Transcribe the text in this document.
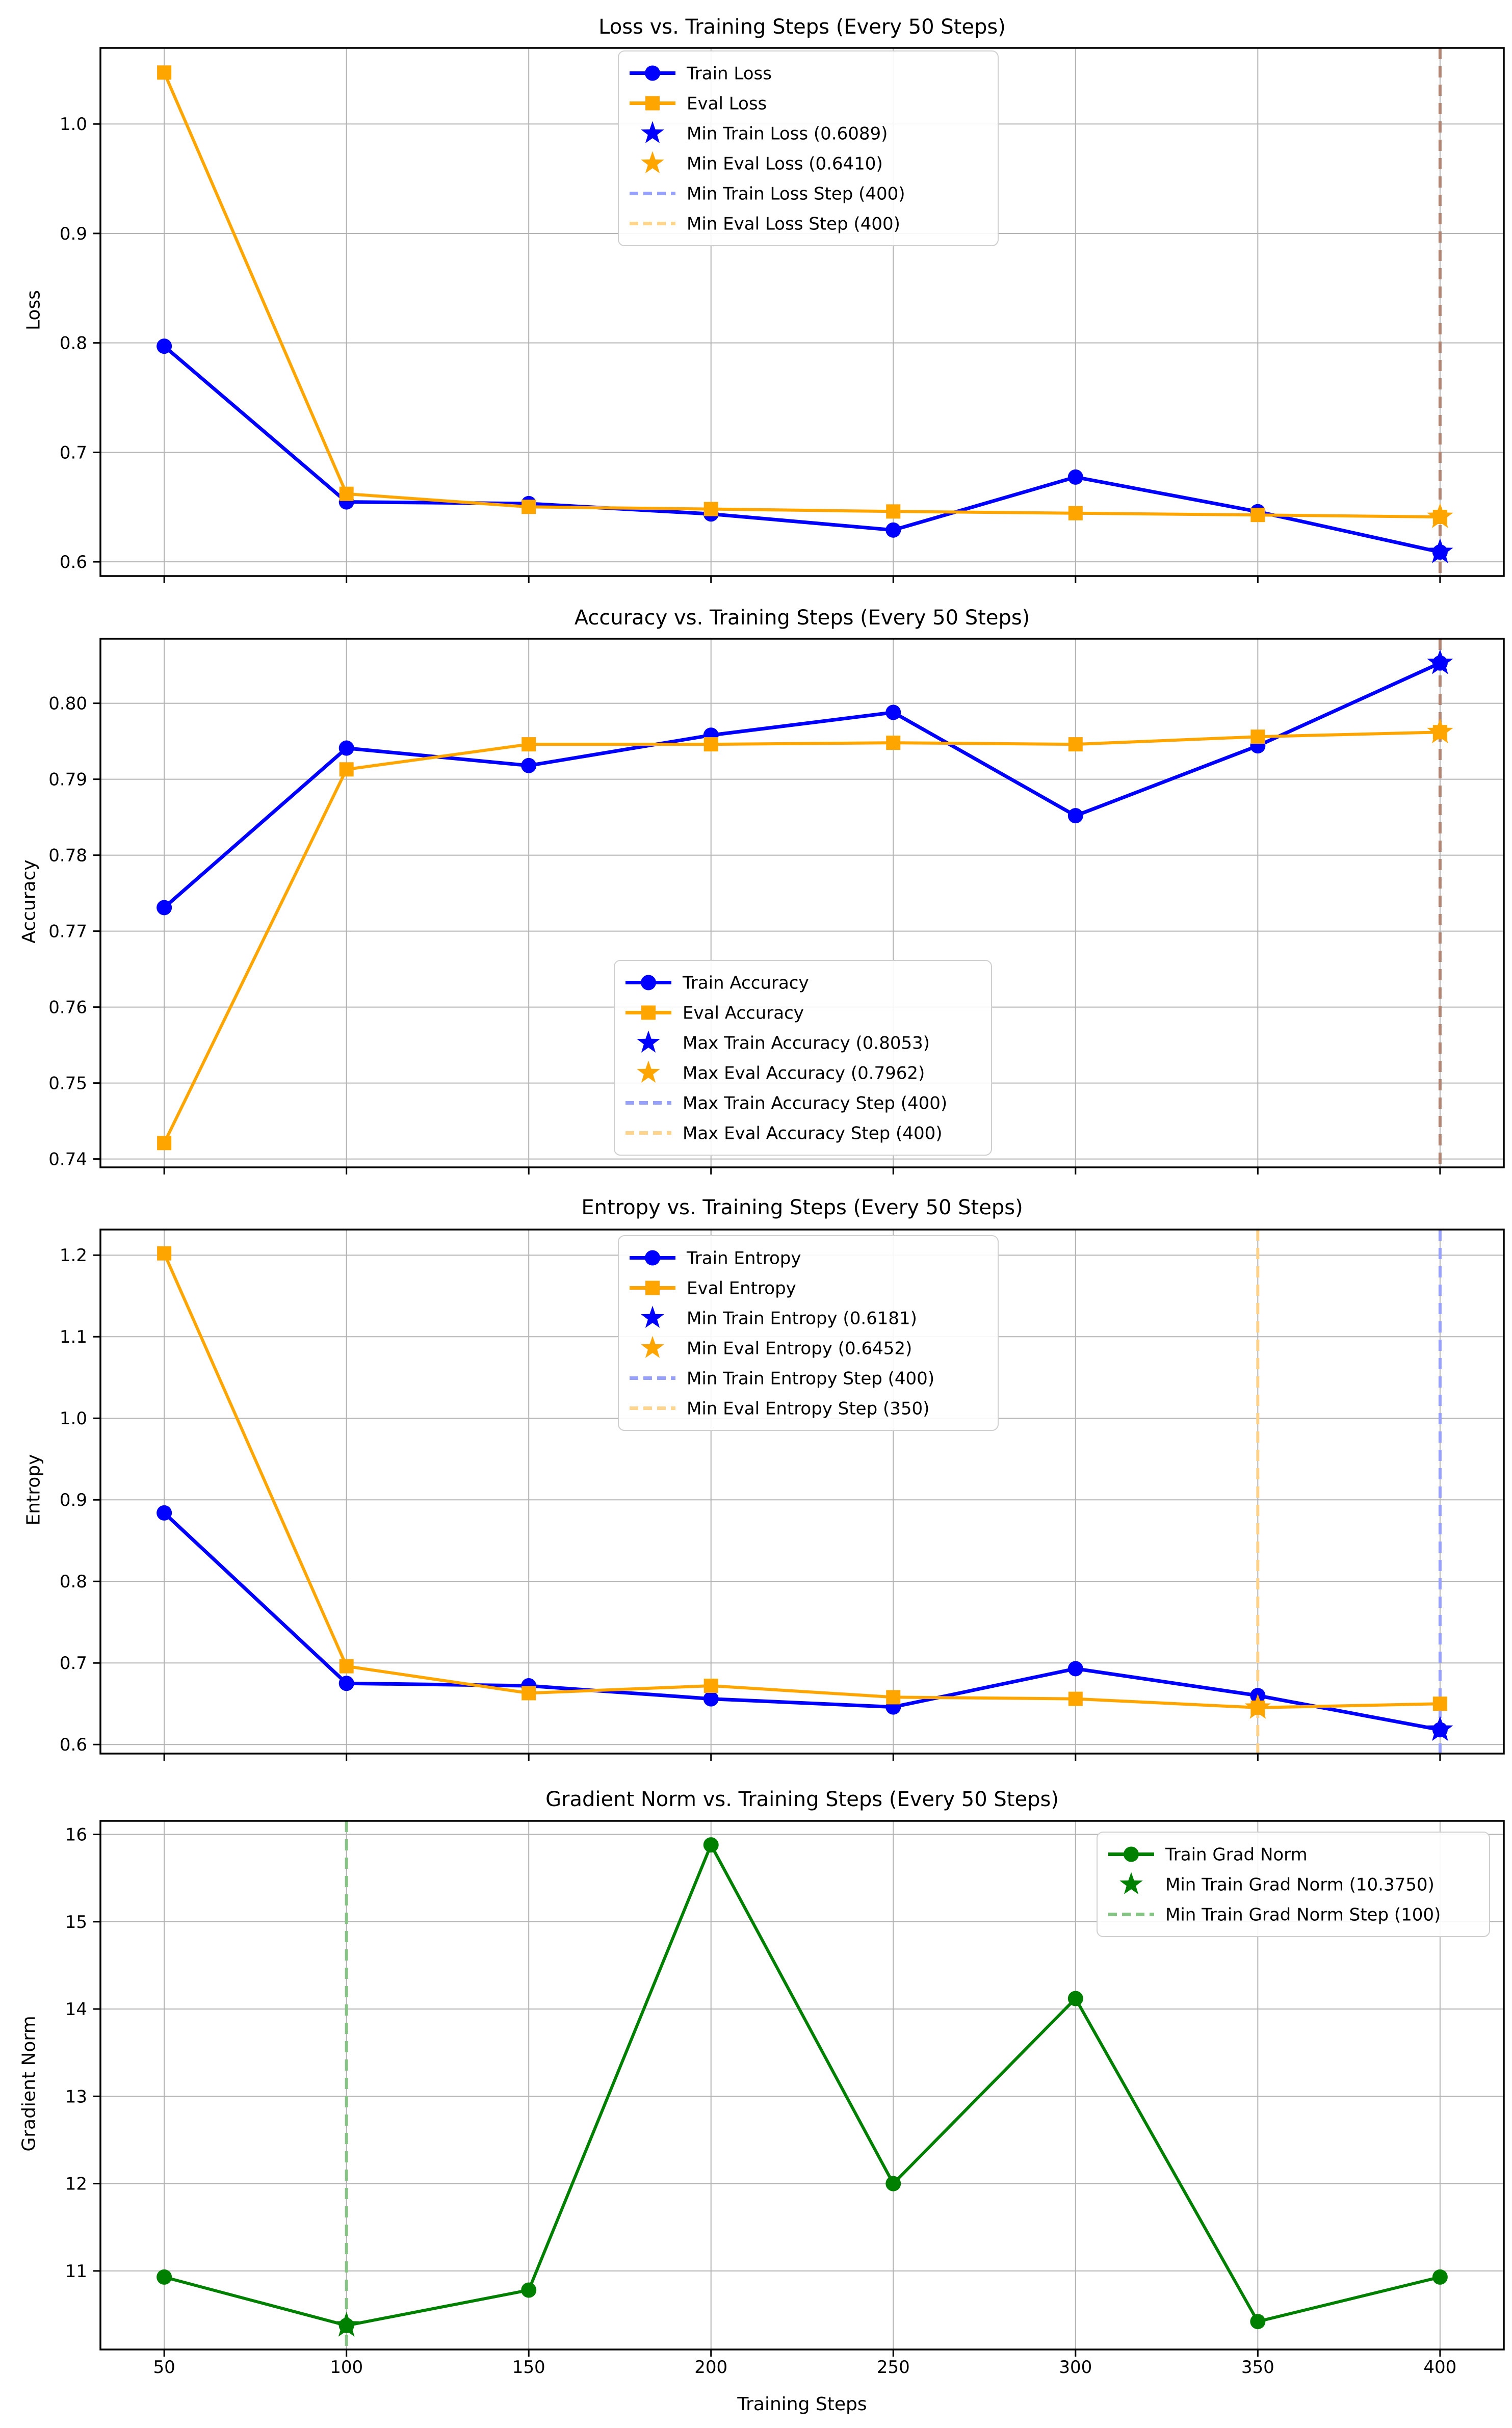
0.6
0.7
0.8
0.9
1.0
Train Loss
Eval Loss
Min Train Loss (0.6089)
Min Eval Loss (0.6410)
Min Train Loss Step (400)
Min Eval Loss Step (400)
0.74
0.75
0.76
0.77
0.78
0.79
0.80
Train Accuracy
Eval Accuracy
Max Train Accuracy (0.8053)
Max Eval Accuracy (0.7962)
Max Train Accuracy Step (400)
Max Eval Accuracy Step (400)
0.6
0.7
0.8
0.9
1.0
1.1
1.2	Train Entropy
Eval Entropy
Min Train Entropy (0.6181)
Min Eval Entropy (0.6452)
Min Train Entropy Step (400)
Min Eval Entropy Step (350)
50	100	150	200	250	300	350	400
11
12
13
14
15
16
Train Grad Norm
Min Train Grad Norm (10.3750)
Min Train Grad Norm Step (100)
Loss vs. Training Steps (Every 50 Steps)
Accuracy vs. Training Steps (Every 50 Steps)
Entropy vs. Training Steps (Every 50 Steps)
Gradient Norm vs. Training Steps (Every 50 Steps)
Loss
Accuracy
Entropy
Gradient Norm
Training Steps
